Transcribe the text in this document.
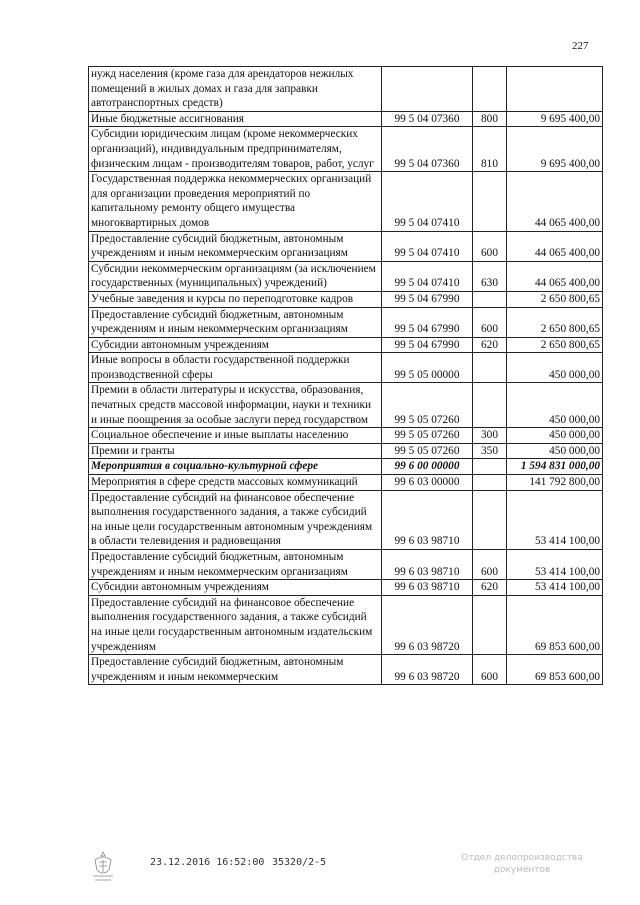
227
нужд населения (кроме газа для арендаторов нежилых помещений в жилых домах и газа для заправки автотранспортных средств)			
Иные бюджетные ассигнования	99 5 04 07360	800	9 695 400,00
Субсидии юридическим лицам (кроме некоммерческих организаций), индивидуальным предпринимателям, физическим лицам - производителям товаров, работ, услуг	99 5 04 07360	810	9 695 400,00
Государственная поддержка некоммерческих организаций для организации проведения мероприятий по капитальному ремонту общего имущества многоквартирных домов	99 5 04 07410		44 065 400,00
Предоставление субсидий бюджетным, автономным учреждениям и иным некоммерческим организациям	99 5 04 07410	600	44 065 400,00
Субсидии некоммерческим организациям (за исключением государственных (муниципальных) учреждений)	99 5 04 07410	630	44 065 400,00
Учебные заведения и курсы по переподготовке кадров	99 5 04 67990		2 650 800,65
Предоставление субсидий бюджетным, автономным учреждениям и иным некоммерческим организациям	99 5 04 67990	600	2 650 800,65
Субсидии автономным учреждениям	99 5 04 67990	620	2 650 800,65
Иные вопросы в области государственной поддержки производственной сферы	99 5 05 00000		450 000,00
Премии в области литературы и искусства, образования, печатных средств массовой информации, науки и техники и иные поощрения за особые заслуги перед государством	99 5 05 07260		450 000,00
Социальное обеспечение и иные выплаты населению	99 5 05 07260	300	450 000,00
Премии и гранты	99 5 05 07260	350	450 000,00
Мероприятия в социально-культурной сфере	99 6 00 00000		1 594 831 000,00
Мероприятия в сфере средств массовых коммуникаций	99 6 03 00000		141 792 800,00
Предоставление субсидий на финансовое обеспечение выполнения государственного задания, а также субсидий на иные цели государственным автономным учреждениям в области телевидения и радиовещания	99 6 03 98710		53 414 100,00
Предоставление субсидий бюджетным, автономным учреждениям и иным некоммерческим организациям	99 6 03 98710	600	53 414 100,00
Субсидии автономным учреждениям	99 6 03 98710	620	53 414 100,00
Предоставление субсидий на финансовое обеспечение выполнения государственного задания, а также субсидий на иные цели государственным автономным издательским учреждениям	99 6 03 98720		69 853 600,00
Предоставление субсидий бюджетным, автономным учреждениям и иным некоммерческим	99 6 03 98720	600	69 853 600,00
23.12.2016 16:52:00 35320/2-5	Отдел делопроизводства документов
